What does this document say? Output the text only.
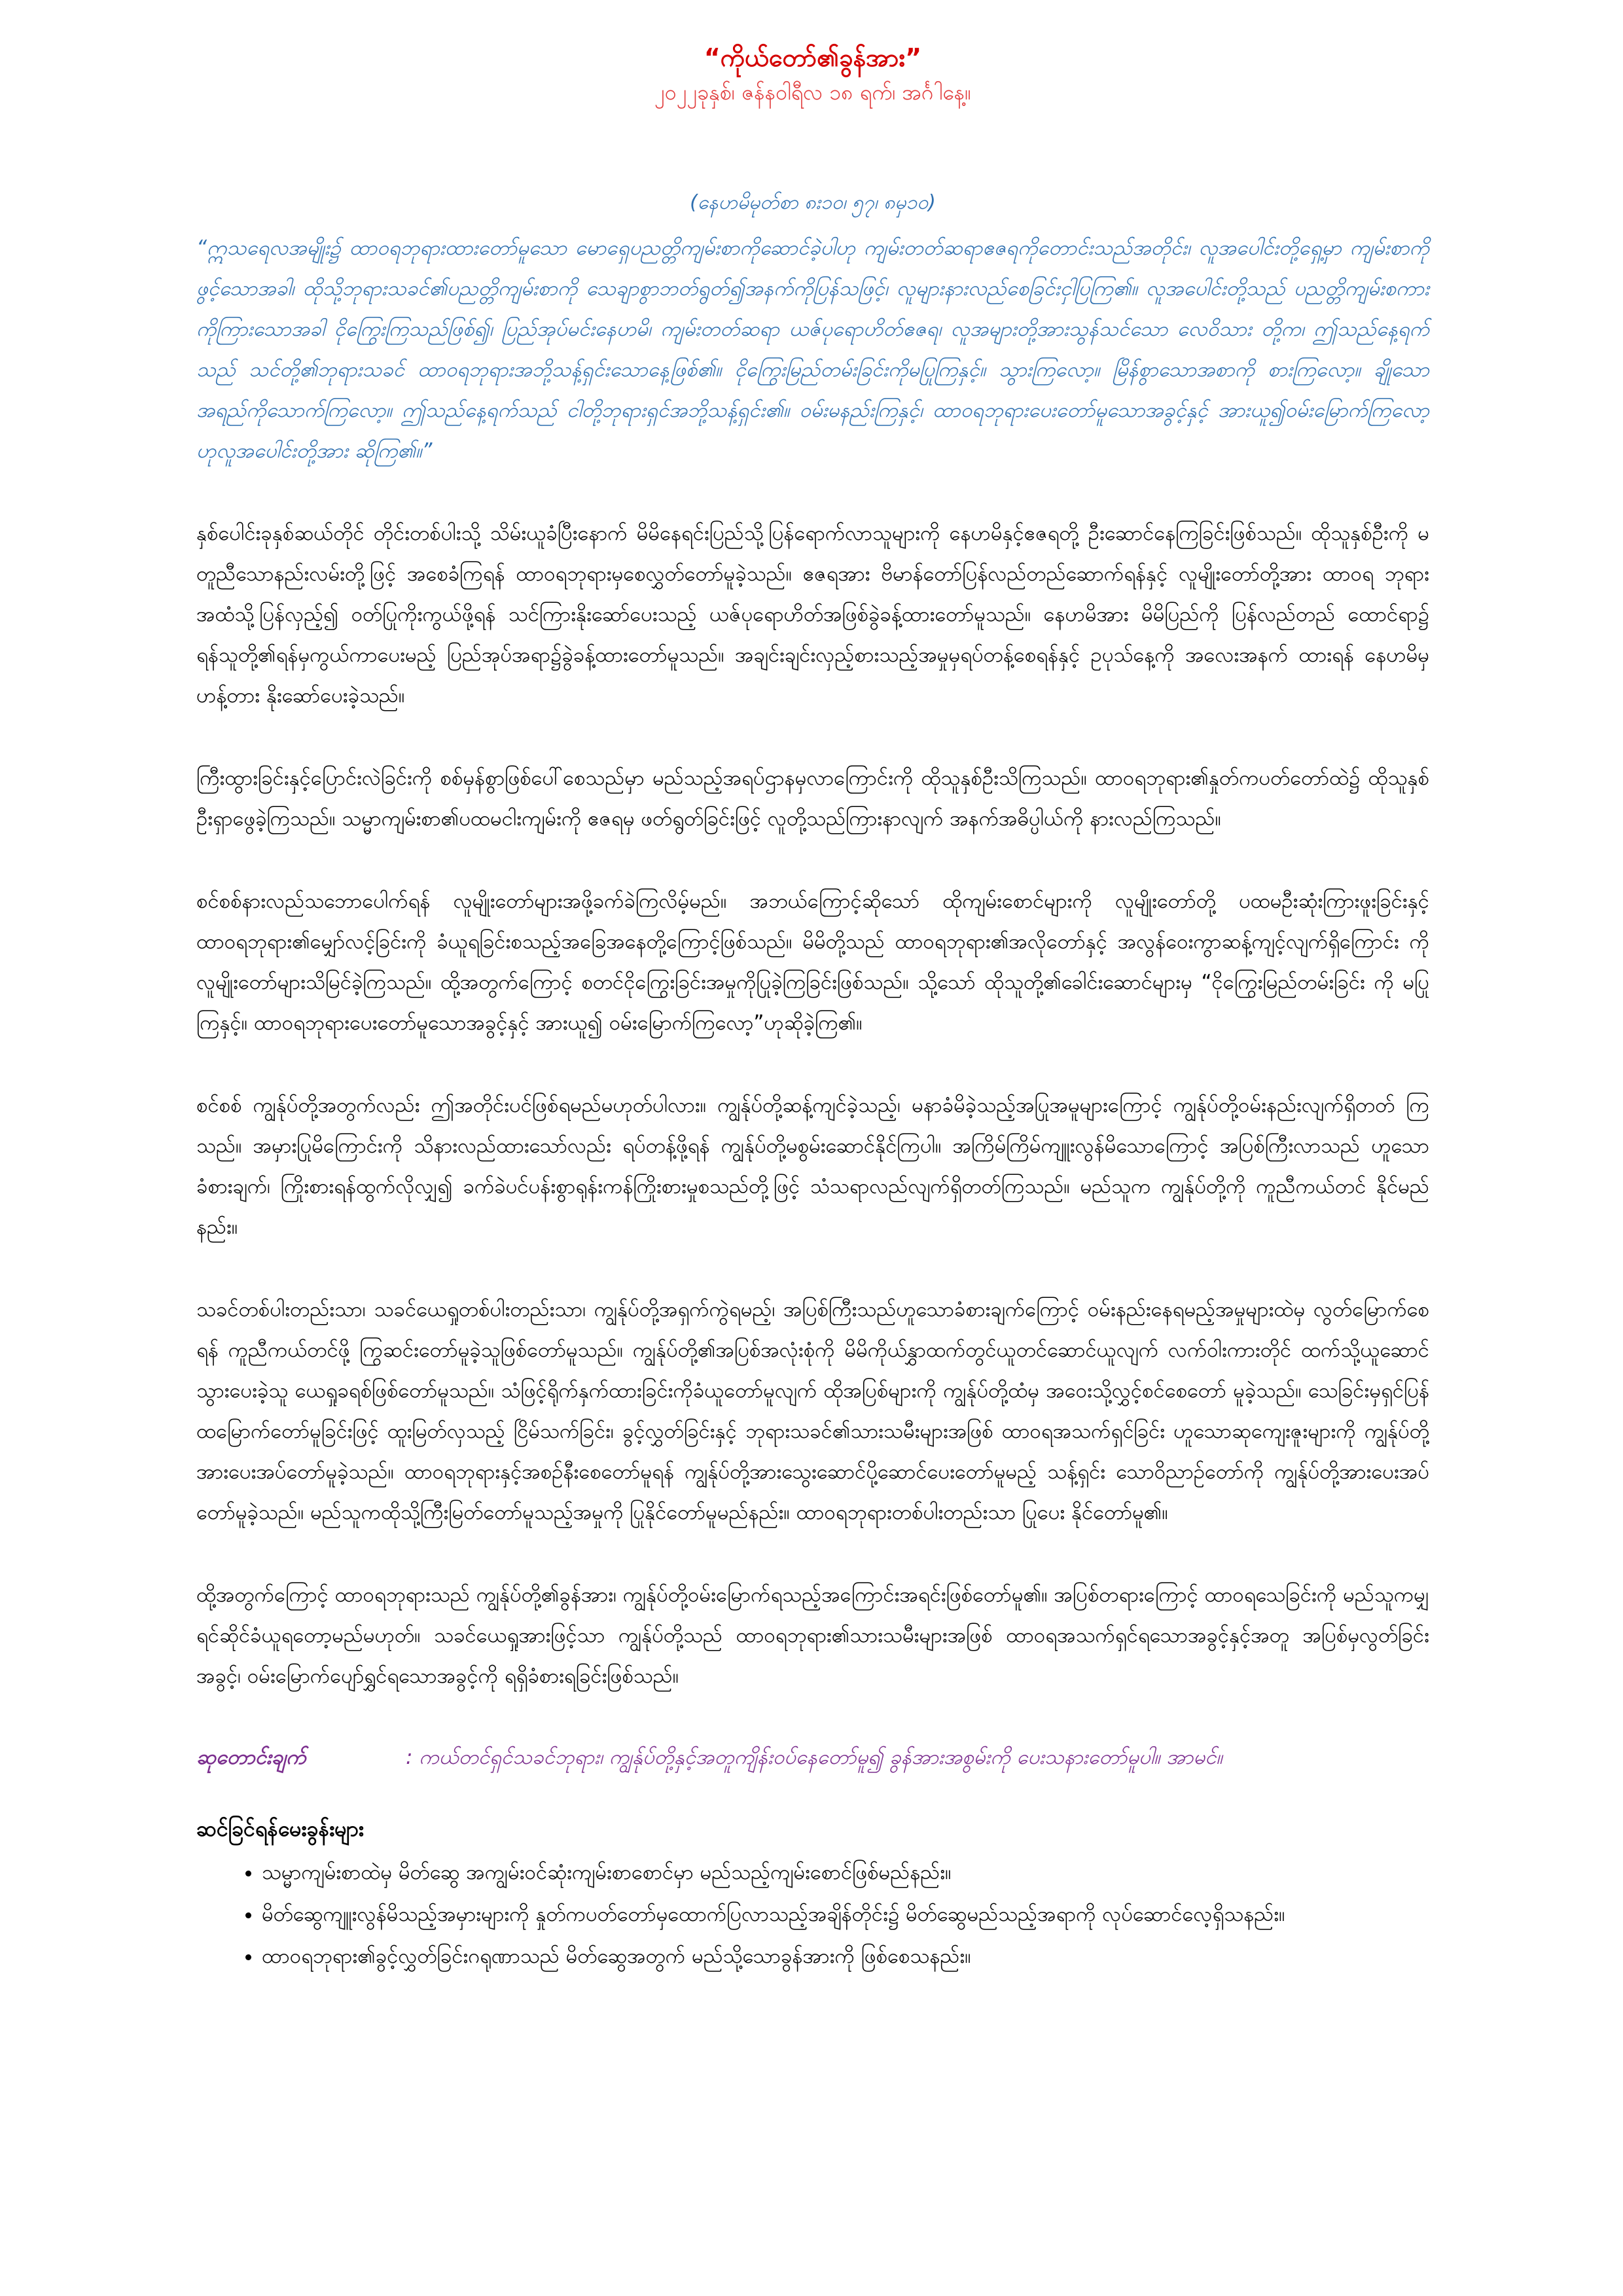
“ကိုယ်တော်၏ခွန်အား”

၂၀၂၂ခုနှစ်၊ ဇန်နဝါရီလ ၁၈ ရက်၊ အင်္ဂါနေ့။

(နေဟမိမုတ်စာ ၈း၁၀၊ ၅၇၊ ၈မှ၁၀)

“ဣသရေလအမျိုး၌ ထာဝရဘုရားထားတော်မူသော မောရှေပညတ္တိကျမ်းစာကိုဆောင်ခဲ့ပါဟု ကျမ်းတတ်ဆရာဧဇရကိုတောင်းသည်အတိုင်း၊ လူအပေါင်းတို့ရှေ့မှာ ကျမ်းစာကိုဖွင့်သောအခါ၊ ထိုသို့ဘုရားသခင်၏ပညတ္တိကျမ်းစာကို သေချာစွာဘတ်ရွတ်၍အနက်ကိုပြန်သဖြင့်၊ လူများနားလည်စေခြင်းငှါပြကြ၏။ လူအပေါင်းတို့သည် ပညတ္တိကျမ်းစကားကိုကြားသောအခါ ငိုကြွေးကြသည်ဖြစ်၍၊ ပြည်အုပ်မင်းနေဟမိ၊ ကျမ်းတတ်ဆရာ ယဇ်ပုရောဟိတ်ဧဇရ၊ လူအများတို့အားသွန်သင်သော လေဝိသား တို့က၊ ဤသည်နေ့ရက်သည် သင်တို့၏ဘုရားသခင် ထာဝရဘုရားအဘို့သန့်ရှင်းသောနေ့ဖြစ်၏။ ငိုကြွေးမြည်တမ်းခြင်းကိုမပြုကြနှင့်။ သွားကြလော့။ မြိန်စွာသောအစာကို စားကြလော့။ ချိုသောအရည်ကိုသောက်ကြလော့။ ဤသည်နေ့ရက်သည် ငါတို့ဘုရားရှင်အဘို့သန့်ရှင်း၏။ ဝမ်းမနည်းကြနှင့်၊ ထာဝရဘုရားပေးတော်မူသောအခွင့်နှင့် အားယူ၍ဝမ်းမြောက်ကြလော့ဟုလူအပေါင်းတို့အား ဆိုကြ၏။”

နှစ်ပေါင်းခုနှစ်ဆယ်တိုင် တိုင်းတစ်ပါးသို့ သိမ်းယူခံပြီးနောက် မိမိနေရင်းပြည်သို့ပြန်ရောက်လာသူများကို နေဟမိနှင့်ဧဇရတို့ ဦးဆောင်နေကြခြင်းဖြစ်သည်။ ထိုသူနှစ်ဦးကို မတူညီသောနည်းလမ်းတို့ဖြင့် အစေခံကြရန် ထာဝရဘုရားမှစေလွှတ်တော်မူခဲ့သည်။ ဧဇရအား ဗိမာန်တော်ပြန်လည်တည်ဆောက်ရန်နှင့် လူမျိုးတော်တို့အား ထာဝရ ဘုရားအထံသို့ပြန်လှည့်၍ ဝတ်ပြုကိုးကွယ်ဖို့ရန် သင်ကြားနိုးဆော်ပေးသည့် ယဇ်ပုရောဟိတ်အဖြစ်ခွဲခန့်ထားတော်မူသည်။ နေဟမိအား မိမိပြည်ကို ပြန်လည်တည် ထောင်ရာ၌ ရန်သူတို့၏ရန်မှကွယ်ကာပေးမည့် ပြည်အုပ်အရာ၌ခွဲခန့်ထားတော်မူသည်။ အချင်းချင်းလှည့်စားသည့်အမှုမှရပ်တန့်စေရန်နှင့် ဥပုသ်နေ့ကို အလေးအနက် ထားရန် နေဟမိမှဟန့်တား နိုးဆော်ပေးခဲ့သည်။

ကြီးထွားခြင်းနှင့်ပြောင်းလဲခြင်းကို စစ်မှန်စွာဖြစ်ပေါ်စေသည်မှာ မည်သည့်အရပ်ဌာနမှလာကြောင်းကို ထိုသူနှစ်ဦးသိကြသည်။ ထာဝရဘုရား၏နှုတ်ကပတ်တော်ထဲ၌ ထိုသူနှစ်ဦးရှာဖွေခဲ့ကြသည်။ သမ္မာကျမ်းစာ၏ပထမငါးကျမ်းကို ဧဇရမှ ဖတ်ရွတ်ခြင်းဖြင့် လူတို့သည်ကြားနာလျက် အနက်အဓိပ္ပါယ်ကို နားလည်ကြသည်။

စင်စစ်နားလည်သဘောပေါက်ရန် လူမျိုးတော်များအဖို့ခက်ခဲကြလိမ့်မည်။ အဘယ်ကြောင့်ဆိုသော် ထိုကျမ်းစောင်များကို လူမျိုးတော်တို့ ပထမဦးဆုံးကြားဖူးခြင်းနှင့် ထာဝရဘုရား၏မျှော်လင့်ခြင်းကို ခံယူရခြင်းစသည့်အခြေအနေတို့ကြောင့်ဖြစ်သည်။ မိမိတို့သည် ထာဝရဘုရား၏အလိုတော်နှင့် အလွန်ဝေးကွာဆန့်ကျင့်လျက်ရှိကြောင်း ကို လူမျိုးတော်များသိမြင်ခဲ့ကြသည်။ ထို့အတွက်ကြောင့် စတင်ငိုကြွေးခြင်းအမှုကိုပြုခဲ့ကြခြင်းဖြစ်သည်။ သို့သော် ထိုသူတို့၏ခေါင်းဆောင်များမှ “ငိုကြွေးမြည်တမ်းခြင်း ကို မပြုကြနှင့်။ ထာဝရဘုရားပေးတော်မူသောအခွင့်နှင့် အားယူ၍ ဝမ်းမြောက်ကြလော့”ဟုဆိုခဲ့ကြ၏။

စင်စစ် ကျွန်ုပ်တို့အတွက်လည်း ဤအတိုင်းပင်ဖြစ်ရမည်မဟုတ်ပါလား။ ကျွန်ုပ်တို့ဆန့်ကျင်ခဲ့သည့်၊ မနာခံမိခဲ့သည့်အပြုအမူများကြောင့် ကျွန်ုပ်တို့ဝမ်းနည်းလျက်ရှိတတ် ကြသည်။ အမှားပြုမိကြောင်းကို သိနားလည်ထားသော်လည်း ရပ်တန့်ဖို့ရန် ကျွန်ုပ်တို့မစွမ်းဆောင်နိုင်ကြပါ။ အကြိမ်ကြိမ်ကျူးလွန်မိသောကြောင့် အပြစ်ကြီးလာသည် ဟူသောခံစားချက်၊ ကြိုးစားရန်ထွက်လိုလျှ၍ ခက်ခဲပင်ပန်းစွာရုန်းကန်ကြိုးစားမှုစသည်တို့ဖြင့် သံသရာလည်လျက်ရှိတတ်ကြသည်။ မည်သူက ကျွန်ုပ်တို့ကို ကူညီကယ်တင် နိုင်မည်နည်း။

သခင်တစ်ပါးတည်းသာ၊ သခင်ယေရှုတစ်ပါးတည်းသာ၊ ကျွန်ုပ်တို့အရှက်ကွဲရမည့်၊ အပြစ်ကြီးသည်ဟူသောခံစားချက်ကြောင့် ဝမ်းနည်းနေရမည့်အမှုများထဲမှ လွတ်မြောက်စေရန် ကူညီကယ်တင်ဖို့ ကြွဆင်းတော်မူခဲ့သူဖြစ်တော်မူသည်။ ကျွန်ုပ်တို့၏အပြစ်အလုံးစုံကို မိမိကိုယ်နွှာထက်တွင်ယူတင်ဆောင်ယူလျက် လက်ဝါးကားတိုင် ထက်သို့ယူဆောင်သွားပေးခဲ့သူ ယေရှုခရစ်ဖြစ်တော်မူသည်။ သံဖြင့်ရိုက်နှက်ထားခြင်းကိုခံယူတော်မူလျက် ထိုအပြစ်များကို ကျွန်ုပ်တို့ထံမှ အဝေးသို့လွှင့်စင်စေတော် မူခဲ့သည်။ သေခြင်းမှရှင်ပြန်ထမြောက်တော်မူခြင်းဖြင့် ထူးမြတ်လှသည့် ငြိမ်သက်ခြင်း၊ ခွင့်လွှတ်ခြင်းနှင့် ဘုရားသခင်၏သားသမီးများအဖြစ် ထာဝရအသက်ရှင်ခြင်း ဟူသောဆုကျေးဇူးများကို ကျွန်ုပ်တို့အားပေးအပ်တော်မူခဲ့သည်။ ထာဝရဘုရားနှင့်အစဉ်နီးစေတော်မူရန် ကျွန်ုပ်တို့အားသွေးဆောင်ပို့ဆောင်ပေးတော်မူမည့် သန့်ရှင်း သောဝိညာဉ်တော်ကို ကျွန်ုပ်တို့အားပေးအပ်တော်မူခဲ့သည်။ မည်သူကထိုသို့ကြီးမြတ်တော်မူသည့်အမှုကို ပြုနိုင်တော်မူမည်နည်း။ ထာဝရဘုရားတစ်ပါးတည်းသာ ပြုပေး နိုင်တော်မူ၏။

ထို့အတွက်ကြောင့် ထာဝရဘုရားသည် ကျွန်ုပ်တို့၏ခွန်အား၊ ကျွန်ုပ်တို့ဝမ်းမြောက်ရသည့်အကြောင်းအရင်းဖြစ်တော်မူ၏။ အပြစ်တရားကြောင့် ထာဝရသေခြင်းကို မည်သူကမျှ ရင်ဆိုင်ခံယူရတော့မည်မဟုတ်။ သခင်ယေရှုအားဖြင့်သာ ကျွန်ုပ်တို့သည် ထာဝရဘုရား၏သားသမီးများအဖြစ် ထာဝရအသက်ရှင်ရသောအခွင့်နှင့်အတူ အပြစ်မှလွတ်ခြင်းအခွင့်၊ ဝမ်းမြောက်ပျော်ရွှင်ရသောအခွင့်ကို ရရှိခံစားရခြင်းဖြစ်သည်။

ဆုတောင်းချက်	: ကယ်တင်ရှင်သခင်ဘုရား၊ ကျွန်ုပ်တို့နှင့်အတူကျိန်းဝပ်နေတော်မူ၍ ခွန်အားအစွမ်းကို ပေးသနားတော်မူပါ။ အာမင်။

ဆင်ခြင်ရန်မေးခွန်းများ

• သမ္မာကျမ်းစာထဲမှ မိတ်ဆွေ အကျွမ်းဝင်ဆုံးကျမ်းစာစောင်မှာ မည်သည့်ကျမ်းစောင်ဖြစ်မည်နည်း။
• မိတ်ဆွေကျူးလွန်မိသည့်အမှားများကို နှုတ်ကပတ်တော်မှထောက်ပြလာသည့်အချိန်တိုင်း၌ မိတ်ဆွေမည်သည့်အရာကို လုပ်ဆောင်လေ့ရှိသနည်း။
• ထာဝရဘုရား၏ခွင့်လွှတ်ခြင်းဂရုဏာသည် မိတ်ဆွေအတွက် မည်သို့သောခွန်အားကို ဖြစ်စေသနည်း။
